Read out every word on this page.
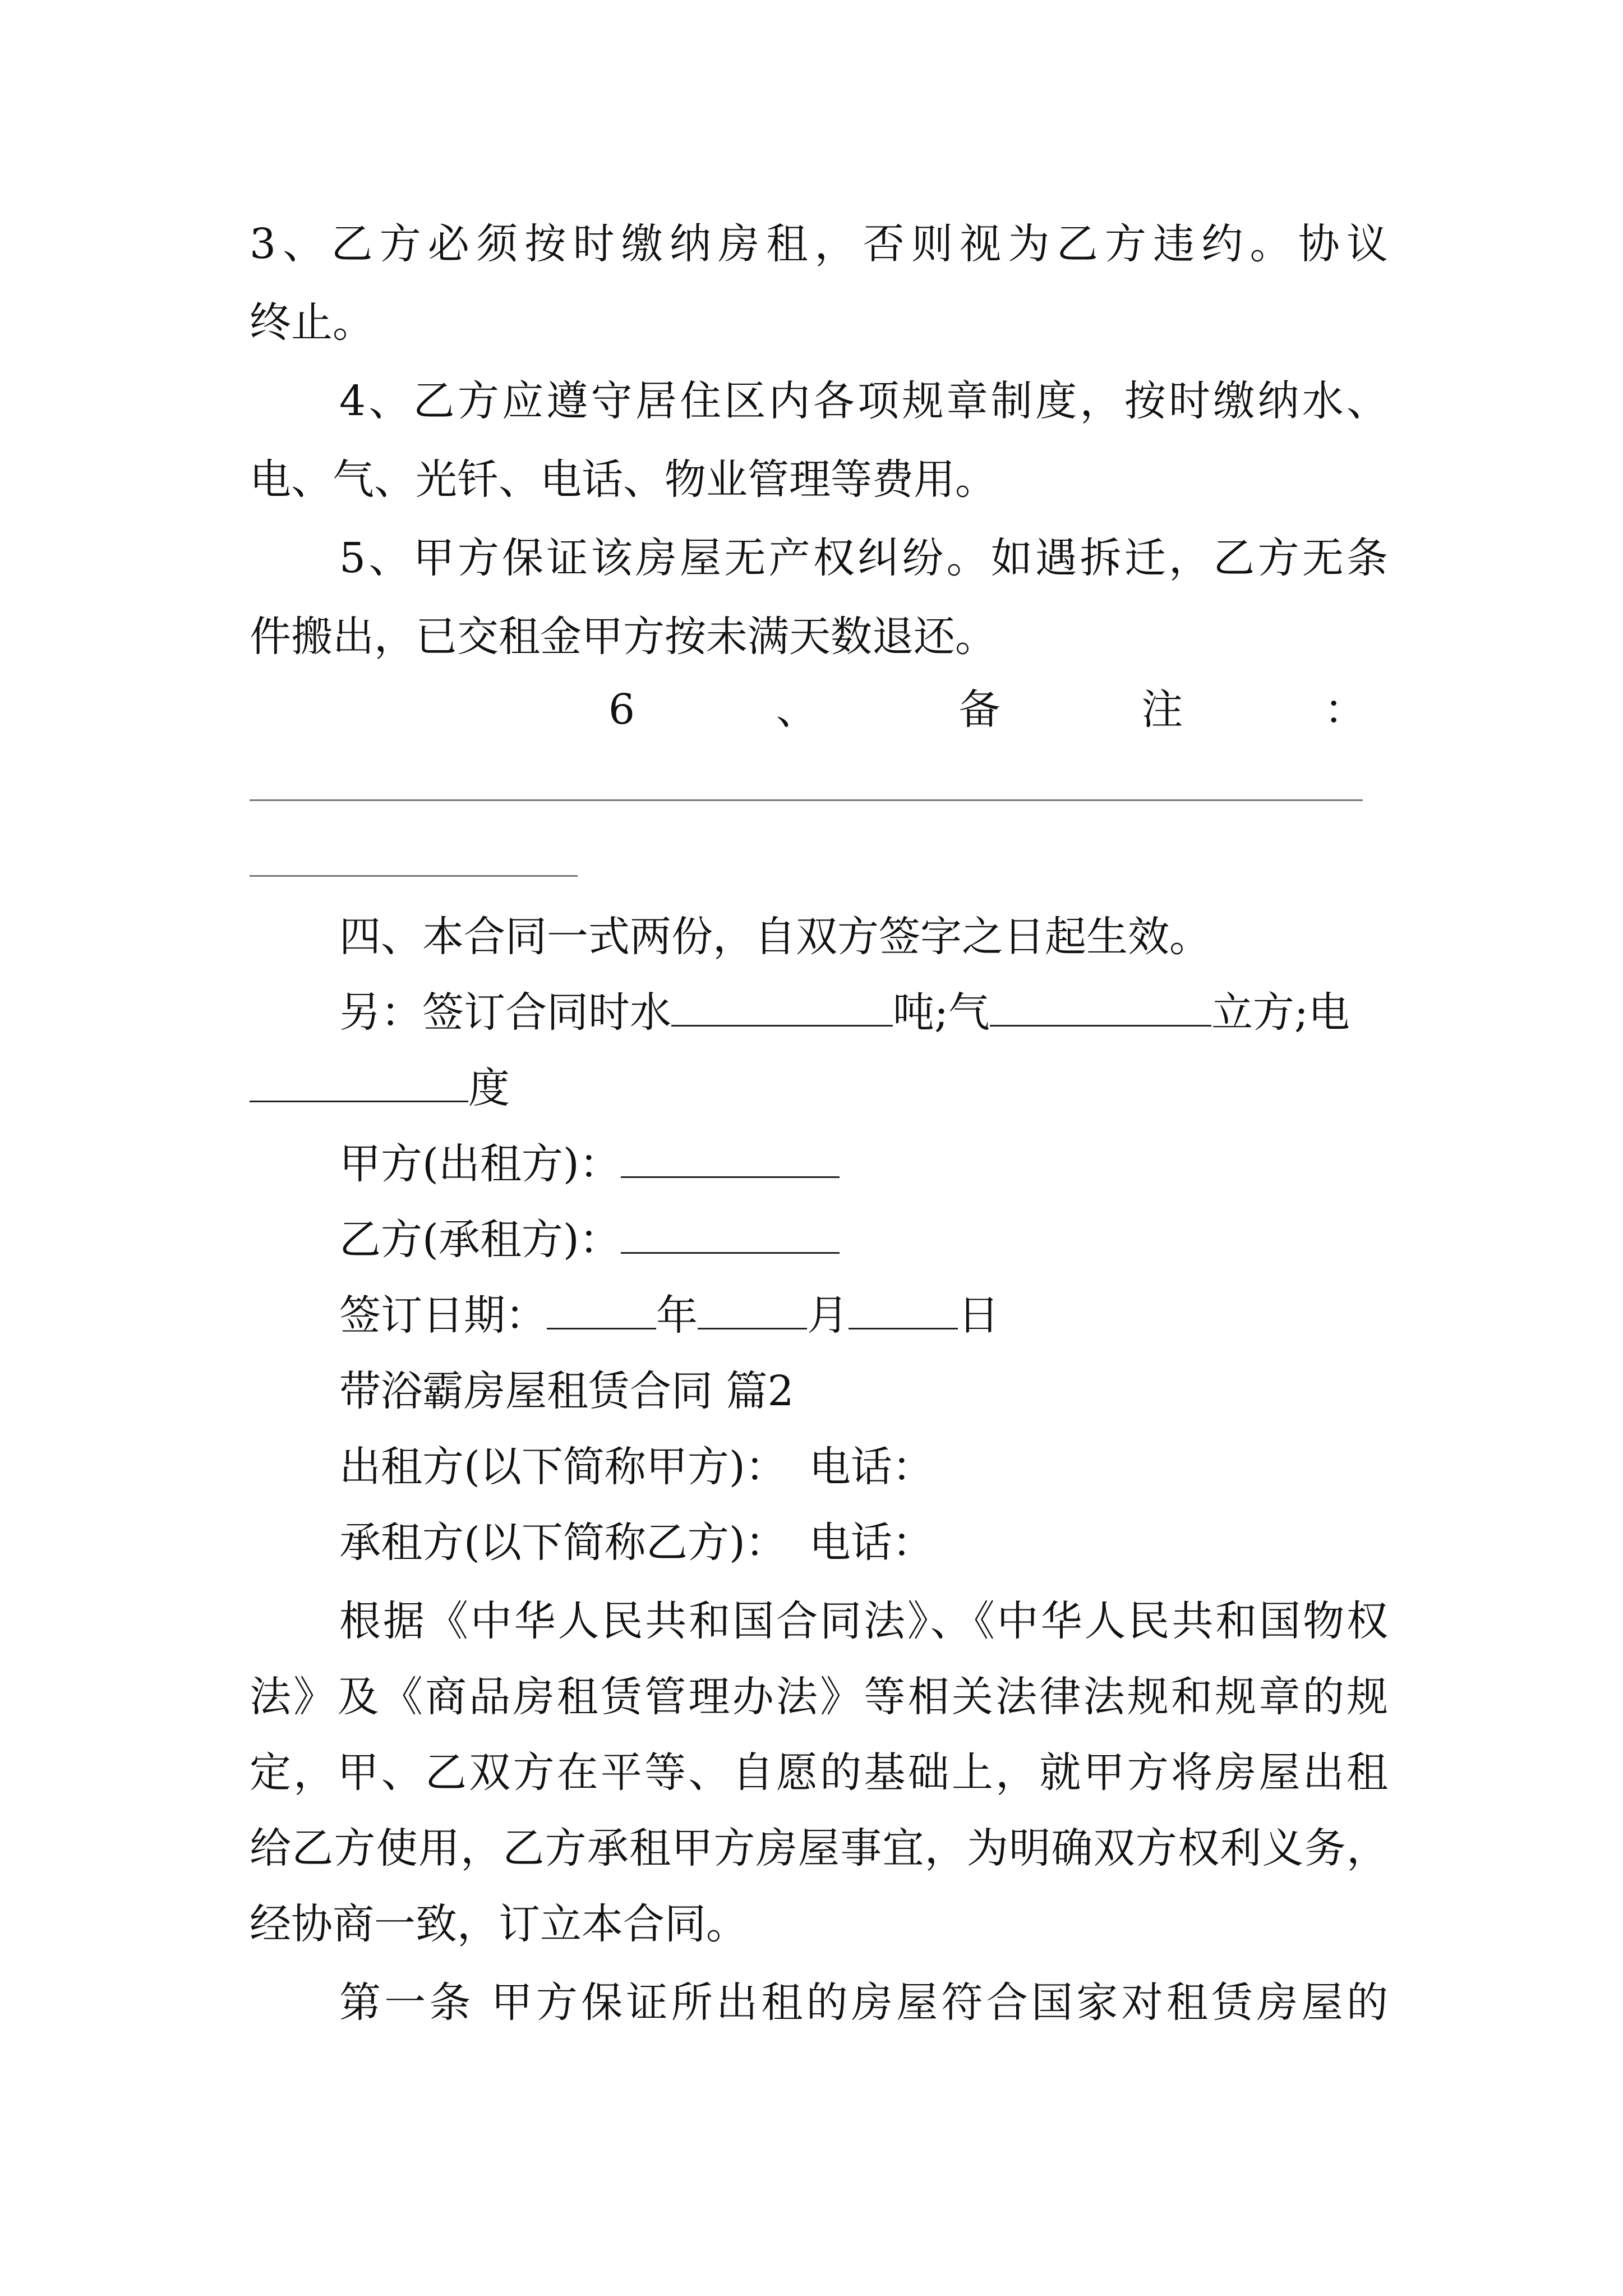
3、乙方必须按时缴纳房租，否则视为乙方违约。协议
终止。
4、乙方应遵守居住区内各项规章制度，按时缴纳水、
电、气、光钎、电话、物业管理等费用。
5、甲方保证该房屋无产权纠纷。如遇拆迁，乙方无条
件搬出，已交租金甲方按未满天数退还。
6、备注：
四、本合同一式两份，自双方签字之日起生效。
另：签订合同时水	吨;气	立方;电
度
甲方(出租方)：
乙方(承租方)：
签订日期：	年	月	日
带浴霸房屋租赁合同 篇2
出租方(以下简称甲方)： 电话：
承租方(以下简称乙方)： 电话：
根据《中华人民共和国合同法》、《中华人民共和国物权
法》及《商品房租赁管理办法》等相关法律法规和规章的规
定，甲、乙双方在平等、自愿的基础上，就甲方将房屋出租
给乙方使用，乙方承租甲方房屋事宜，为明确双方权利义务，
经协商一致，订立本合同。
第一条 甲方保证所出租的房屋符合国家对租赁房屋的
